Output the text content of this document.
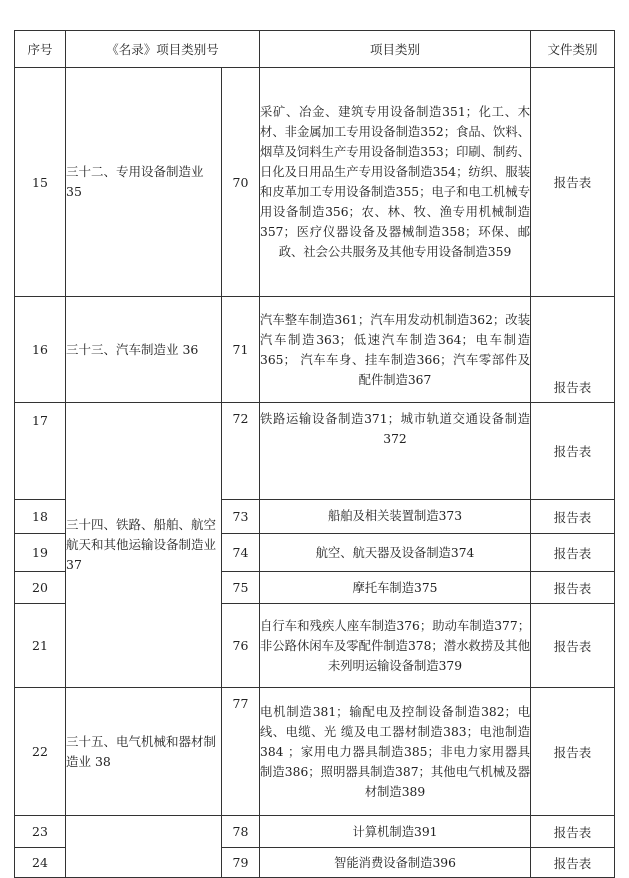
序号	《名录》项目类别号		项目类别	文件类别
15	三十二、专用设备制造业 35	70	采矿、冶金、建筑专用设备制造351；化工、木材、非金属加工专用设备制造352；食品、饮料、烟草及饲料生产专用设备制造353；印刷、制药、日化及日用品生产专用设备制造354；纺织、服装和皮革加工专用设备制造355；电子和电工机械专用设备制造356；农、林、牧、渔专用机械制造357；医疗仪器设备及器械制造358；环保、邮政、社会公共服务及其他专用设备制造359	报告表
16	三十三、汽车制造业 36	71	汽车整车制造361；汽车用发动机制造362；改装汽车制造363；低速汽车制造364；电车制造365； 汽车车身、挂车制造366；汽车零部件及配件制造367	报告表
17	三十四、铁路、船舶、航空航天和其他运输设备制造业 37	72	铁路运输设备制造371；城市轨道交通设备制造 372	报告表
18		73	船舶及相关装置制造373	报告表
19		74	航空、航天器及设备制造374	报告表
20		75	摩托车制造375	报告表
21		76	自行车和残疾人座车制造376；助动车制造377；非公路休闲车及零配件制造378；潜水救捞及其他未列明运输设备制造379	报告表
22	三十五、电气机械和器材制造业 38	77	电机制造381；输配电及控制设备制造382；电线、电缆、光 缆及电工器材制造383；电池制造384 ；家用电力器具制造385；非电力家用器具制造386；照明器具制造387；其他电气机械及器材制造389	报告表
23		78	计算机制造391	报告表
24		79	智能消费设备制造396	报告表
